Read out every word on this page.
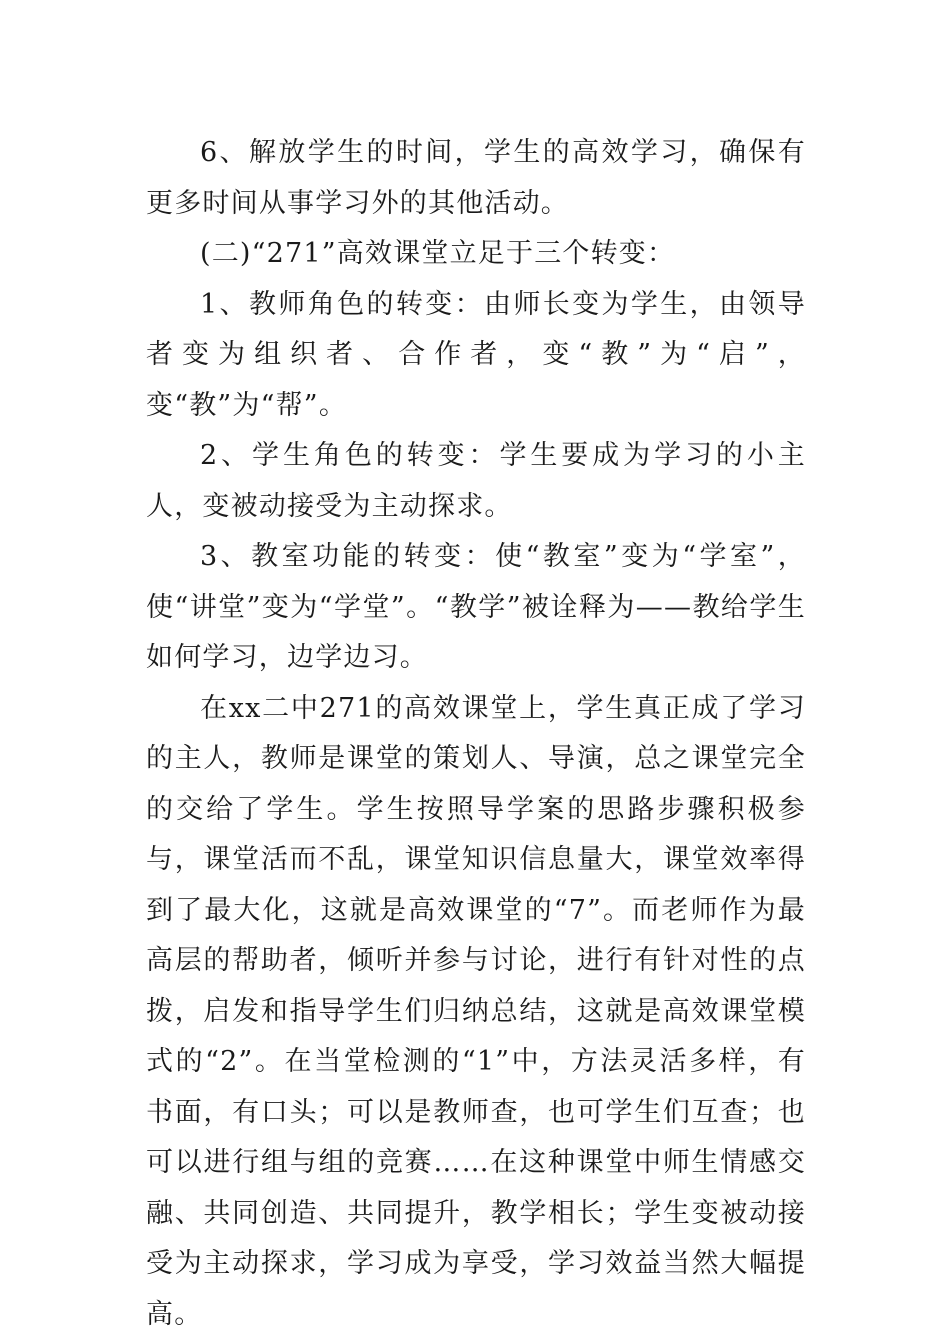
6、解放学生的时间，学生的高效学习，确保有更多时间从事学习外的其他活动。

(二)“271”高效课堂立足于三个转变：

1、教师角色的转变：由师长变为学生，由领导者变为组织者、合作者，变“教”为“启”，变“教”为“帮”。

2、学生角色的转变：学生要成为学习的小主人，变被动接受为主动探求。

3、教室功能的转变：使“教室”变为“学室”，使“讲堂”变为“学堂”。“教学”被诠释为——教给学生如何学习，边学边习。

在xx二中271的高效课堂上，学生真正成了学习的主人，教师是课堂的策划人、导演，总之课堂完全的交给了学生。学生按照导学案的思路步骤积极参与，课堂活而不乱，课堂知识信息量大，课堂效率得到了最大化，这就是高效课堂的“7”。而老师作为最高层的帮助者，倾听并参与讨论，进行有针对性的点拨，启发和指导学生们归纳总结，这就是高效课堂模式的“2”。在当堂检测的“1”中，方法灵活多样，有书面，有口头；可以是教师查，也可学生们互查；也可以进行组与组的竞赛……在这种课堂中师生情感交融、共同创造、共同提升，教学相长；学生变被动接受为主动探求，学习成为享受，学习效益当然大幅提高。
